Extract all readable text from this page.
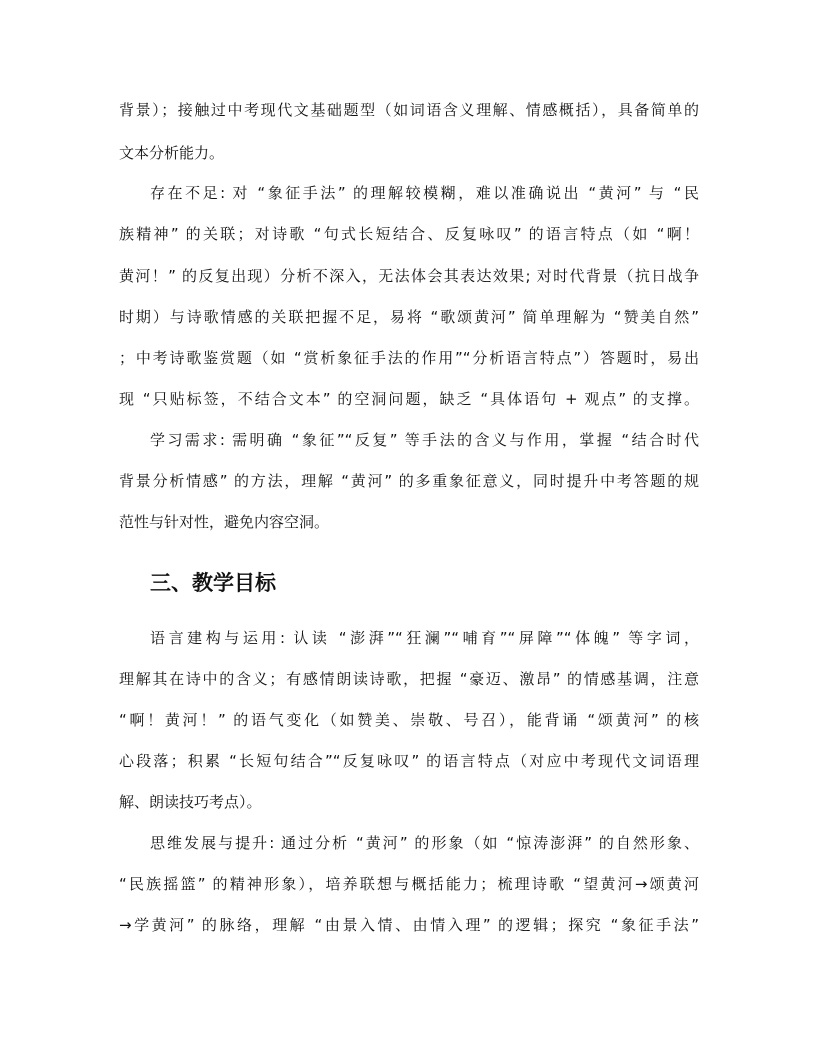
背景）；接触过中考现代文基础题型（如词语含义理解、情感概括），具备简单的
文本分析能力。
存在不足: 对 “象征手法” 的理解较模糊，难以准确说出 “黄河” 与 “民
族精神” 的关联；对诗歌 “句式长短结合、反复咏叹” 的语言特点（如 “啊！
黄河！” 的反复出现）分析不深入，无法体会其表达效果; 对时代背景（抗日战争
时期）与诗歌情感的关联把握不足，易将 “歌颂黄河” 简单理解为 “赞美自然”
；中考诗歌鉴赏题（如 “赏析象征手法的作用”“分析语言特点”）答题时，易出
现 “只贴标签，不结合文本” 的空洞问题，缺乏 “具体语句 + 观点” 的支撑。
学习需求: 需明确 “象征”“反复” 等手法的含义与作用，掌握 “结合时代
背景分析情感” 的方法，理解 “黄河” 的多重象征意义，同时提升中考答题的规
范性与针对性，避免内容空洞。
三、教学目标
语言建构与运用: 认读 “澎湃”“狂澜”“哺育”“屏障”“体魄” 等字词，
理解其在诗中的含义；有感情朗读诗歌，把握 “豪迈、激昂” 的情感基调，注意
“啊！黄河！” 的语气变化（如赞美、崇敬、号召），能背诵 “颂黄河” 的核
心段落；积累 “长短句结合”“反复咏叹” 的语言特点（对应中考现代文词语理
解、朗读技巧考点）。
思维发展与提升: 通过分析 “黄河” 的形象（如 “惊涛澎湃” 的自然形象、
“民族摇篮” 的精神形象），培养联想与概括能力；梳理诗歌 “望黄河→颂黄河
→学黄河” 的脉络，理解 “由景入情、由情入理” 的逻辑；探究 “象征手法”
